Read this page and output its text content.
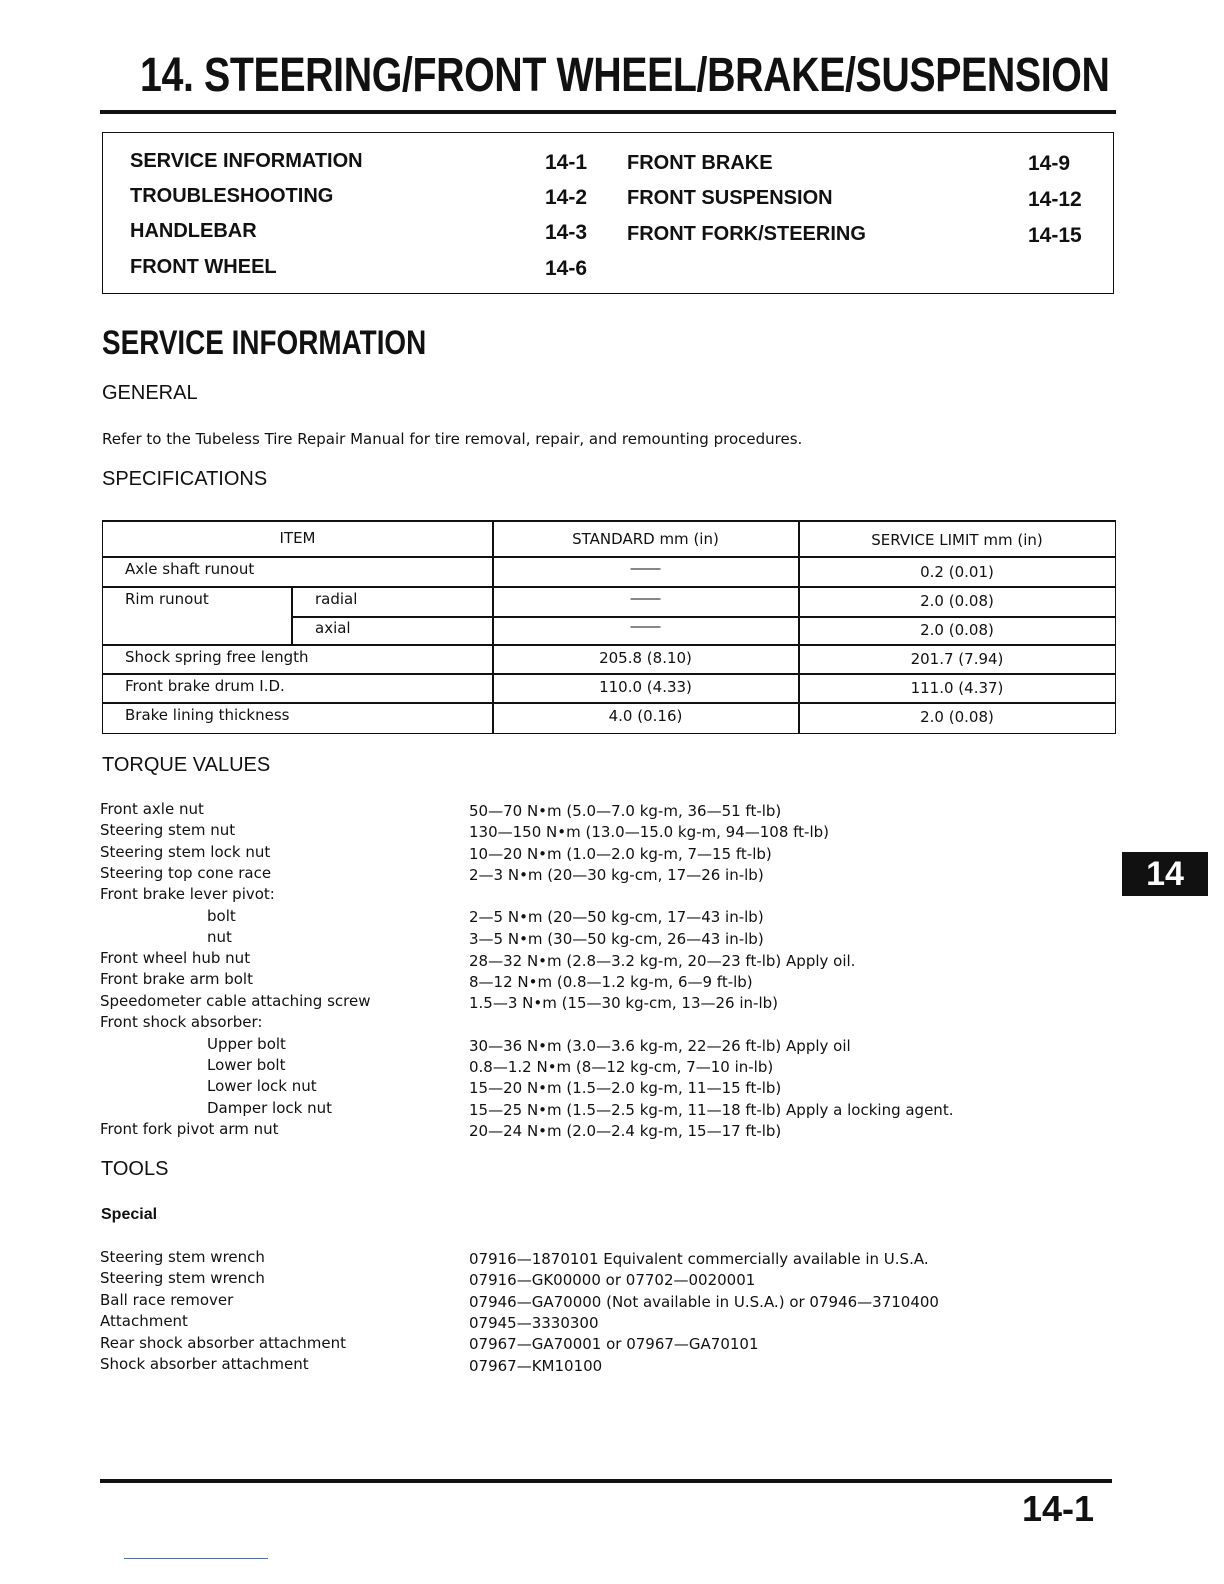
14. STEERING/FRONT WHEEL/BRAKE/SUSPENSION
SERVICE INFORMATION	14-1
TROUBLESHOOTING	14-2
HANDLEBAR	14-3
FRONT WHEEL	14-6
FRONT BRAKE	14-9
FRONT SUSPENSION	14-12
FRONT FORK/STEERING	14-15
SERVICE INFORMATION
GENERAL
Refer to the Tubeless Tire Repair Manual for tire removal, repair, and remounting procedures.
SPECIFICATIONS
ITEM	STANDARD mm (in)	SERVICE LIMIT mm (in)
Axle shaft runout	——	0.2 (0.01)
Rim runout	radial	——	2.0 (0.08)
axial	——	2.0 (0.08)
Shock spring free length	205.8 (8.10)	201.7 (7.94)
Front brake drum I.D.	110.0 (4.33)	111.0 (4.37)
Brake lining thickness	4.0 (0.16)	2.0 (0.08)
TORQUE VALUES
Front axle nut	50—70 N•m (5.0—7.0 kg-m, 36—51 ft-lb)
Steering stem nut	130—150 N•m (13.0—15.0 kg-m, 94—108 ft-lb)
Steering stem lock nut	10—20 N•m (1.0—2.0 kg-m, 7—15 ft-lb)
Steering top cone race	2—3 N•m (20—30 kg-cm, 17—26 in-lb)
Front brake lever pivot:
bolt	2—5 N•m (20—50 kg-cm, 17—43 in-lb)
nut	3—5 N•m (30—50 kg-cm, 26—43 in-lb)
Front wheel hub nut	28—32 N•m (2.8—3.2 kg-m, 20—23 ft-lb) Apply oil.
Front brake arm bolt	8—12 N•m (0.8—1.2 kg-m, 6—9 ft-lb)
Speedometer cable attaching screw	1.5—3 N•m (15—30 kg-cm, 13—26 in-lb)
Front shock absorber:
Upper bolt	30—36 N•m (3.0—3.6 kg-m, 22—26 ft-lb) Apply oil
Lower bolt	0.8—1.2 N•m (8—12 kg-cm, 7—10 in-lb)
Lower lock nut	15—20 N•m (1.5—2.0 kg-m, 11—15 ft-lb)
Damper lock nut	15—25 N•m (1.5—2.5 kg-m, 11—18 ft-lb) Apply a locking agent.
Front fork pivot arm nut	20—24 N•m (2.0—2.4 kg-m, 15—17 ft-lb)
TOOLS
Special
Steering stem wrench	07916—1870101 Equivalent commercially available in U.S.A.
Steering stem wrench	07916—GK00000 or 07702—0020001
Ball race remover	07946—GA70000 (Not available in U.S.A.) or 07946—3710400
Attachment	07945—3330300
Rear shock absorber attachment	07967—GA70001 or 07967—GA70101
Shock absorber attachment	07967—KM10100
14
14-1
